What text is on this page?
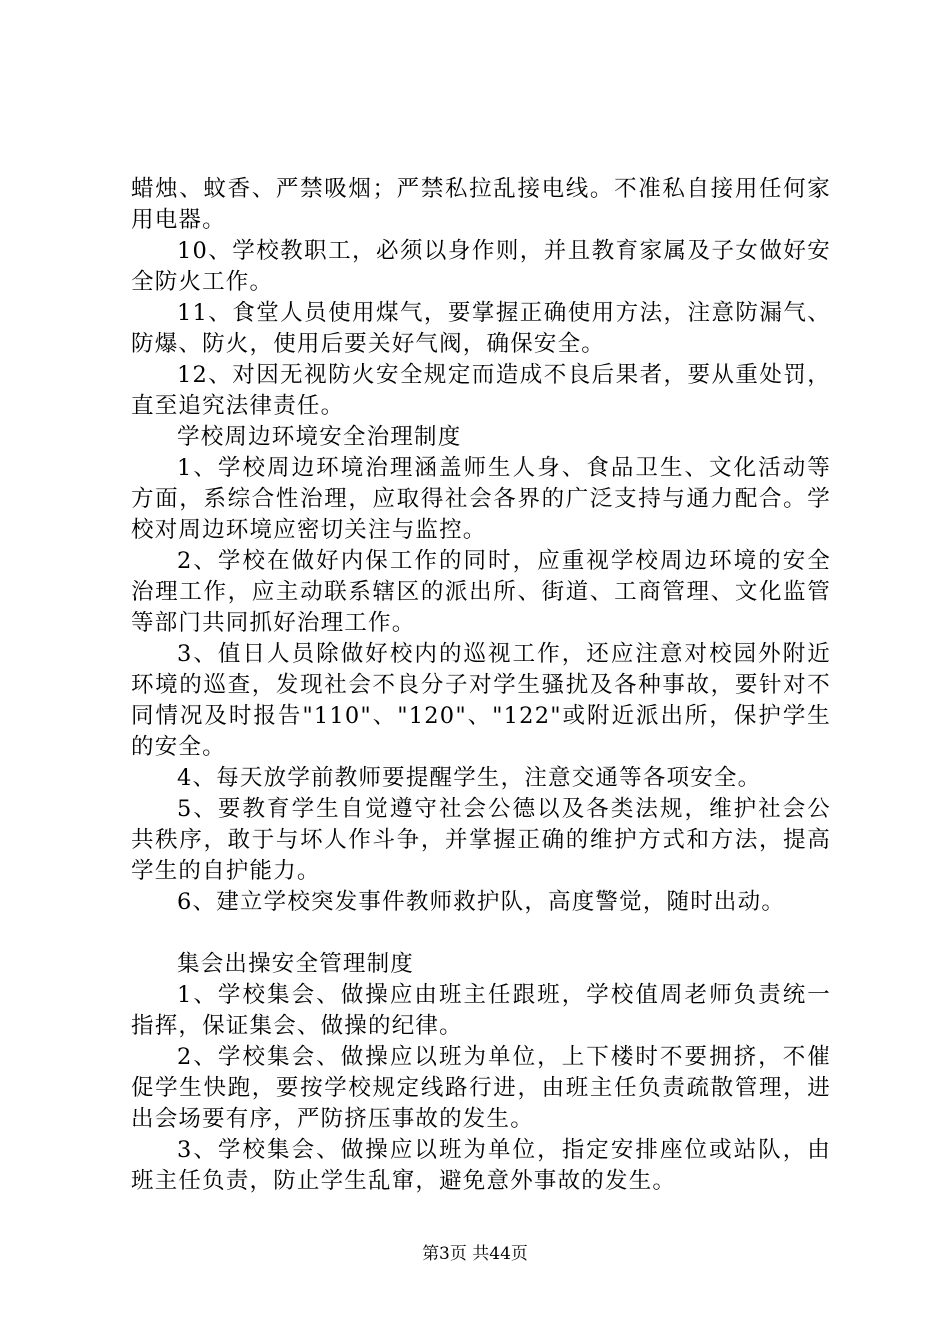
蜡烛、蚊香、严禁吸烟；严禁私拉乱接电线。不准私自接用任何家用电器。

10、学校教职工，必须以身作则，并且教育家属及子女做好安全防火工作。

11、食堂人员使用煤气，要掌握正确使用方法，注意防漏气、防爆、防火，使用后要关好气阀，确保安全。

12、对因无视防火安全规定而造成不良后果者，要从重处罚，直至追究法律责任。

学校周边环境安全治理制度

1、学校周边环境治理涵盖师生人身、食品卫生、文化活动等方面，系综合性治理，应取得社会各界的广泛支持与通力配合。学校对周边环境应密切关注与监控。

2、学校在做好内保工作的同时，应重视学校周边环境的安全治理工作，应主动联系辖区的派出所、街道、工商管理、文化监管等部门共同抓好治理工作。

3、值日人员除做好校内的巡视工作，还应注意对校园外附近环境的巡查，发现社会不良分子对学生骚扰及各种事故，要针对不同情况及时报告"110"、"120"、"122"或附近派出所，保护学生的安全。

4、每天放学前教师要提醒学生，注意交通等各项安全。

5、要教育学生自觉遵守社会公德以及各类法规，维护社会公共秩序，敢于与坏人作斗争，并掌握正确的维护方式和方法，提高学生的自护能力。

6、建立学校突发事件教师救护队，高度警觉，随时出动。

集会出操安全管理制度

1、学校集会、做操应由班主任跟班，学校值周老师负责统一指挥，保证集会、做操的纪律。

2、学校集会、做操应以班为单位，上下楼时不要拥挤，不催促学生快跑，要按学校规定线路行进，由班主任负责疏散管理，进出会场要有序，严防挤压事故的发生。

3、学校集会、做操应以班为单位，指定安排座位或站队，由班主任负责，防止学生乱窜，避免意外事故的发生。

第3页 共44页
